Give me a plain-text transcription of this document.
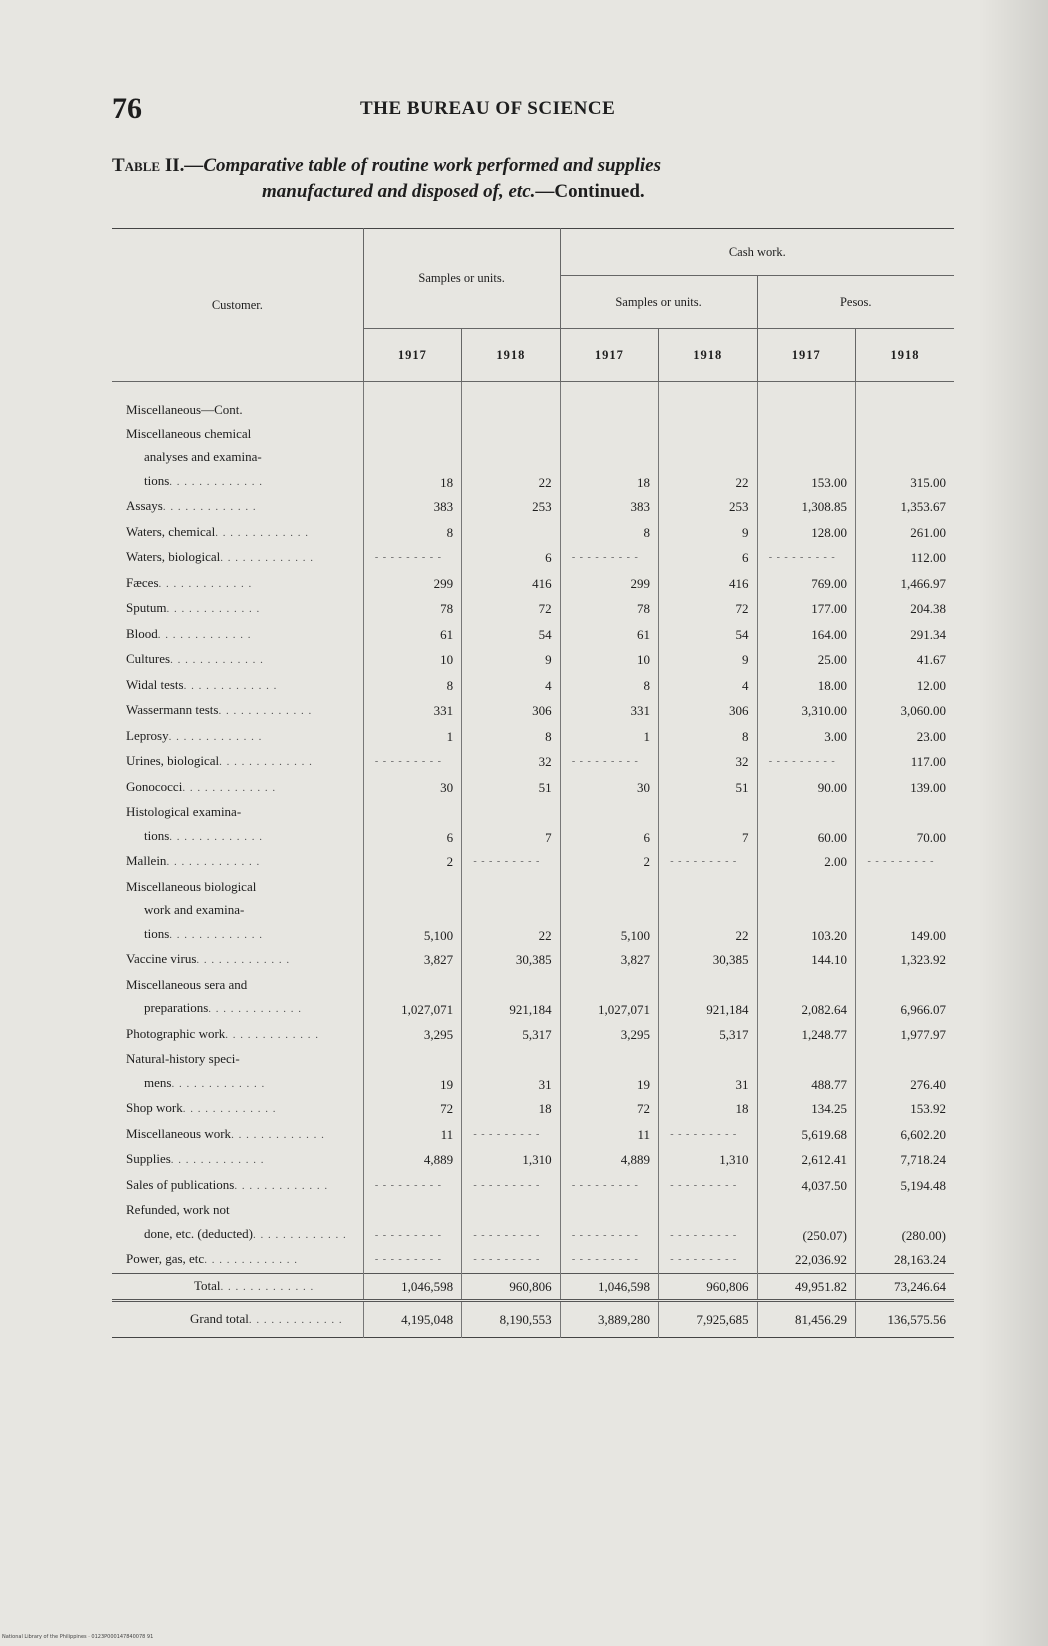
76	THE BUREAU OF SCIENCE
Table II.—Comparative table of routine work performed and supplies
manufactured and disposed of, etc.—Continued.
Customer.	Samples or units.		Cash work.			
			Samples or units.		Pesos.	
	1917	1918	1917	1918	1917	1918

Miscellaneous—Cont.						

Miscellaneous chemical
analyses and examina-
tions. . . . . . . . . . . . .	18	22	18	22	153.00	315.00

Assays. . . . . . . . . . . . .	383	253	383	253	1,308.85	1,353.67

Waters, chemical. . . . . . . . . . . . .	8		8	9	128.00	261.00

Waters, biological. . . . . . . . . . . . .	- - - - - - - - -	6	- - - - - - - - -	6	- - - - - - - - -	112.00

Fæces. . . . . . . . . . . . .	299	416	299	416	769.00	1,466.97

Sputum. . . . . . . . . . . . .	78	72	78	72	177.00	204.38

Blood. . . . . . . . . . . . .	61	54	61	54	164.00	291.34

Cultures. . . . . . . . . . . . .	10	9	10	9	25.00	41.67

Widal tests. . . . . . . . . . . . .	8	4	8	4	18.00	12.00

Wassermann tests. . . . . . . . . . . . .	331	306	331	306	3,310.00	3,060.00

Leprosy. . . . . . . . . . . . .	1	8	1	8	3.00	23.00

Urines, biological. . . . . . . . . . . . .	- - - - - - - - -	32	- - - - - - - - -	32	- - - - - - - - -	117.00

Gonococci. . . . . . . . . . . . .	30	51	30	51	90.00	139.00

Histological examina-
tions. . . . . . . . . . . . .	6	7	6	7	60.00	70.00

Mallein. . . . . . . . . . . . .	2	- - - - - - - - -	2	- - - - - - - - -	2.00	- - - - - - - - -

Miscellaneous biological
work and examina-
tions. . . . . . . . . . . . .	5,100	22	5,100	22	103.20	149.00

Vaccine virus. . . . . . . . . . . . .	3,827	30,385	3,827	30,385	144.10	1,323.92

Miscellaneous sera and
preparations. . . . . . . . . . . . .	1,027,071	921,184	1,027,071	921,184	2,082.64	6,966.07

Photographic work. . . . . . . . . . . . .	3,295	5,317	3,295	5,317	1,248.77	1,977.97

Natural-history speci-
mens. . . . . . . . . . . . .	19	31	19	31	488.77	276.40

Shop work. . . . . . . . . . . . .	72	18	72	18	134.25	153.92

Miscellaneous work. . . . . . . . . . . . .	11	- - - - - - - - -	11	- - - - - - - - -	5,619.68	6,602.20

Supplies. . . . . . . . . . . . .	4,889	1,310	4,889	1,310	2,612.41	7,718.24

Sales of publications. . . . . . . . . . . . .	- - - - - - - - -	- - - - - - - - -	- - - - - - - - -	- - - - - - - - -	4,037.50	5,194.48

Refunded, work not
done, etc. (deducted). . . . . . . . . . . . .	- - - - - - - - -	- - - - - - - - -	- - - - - - - - -	- - - - - - - - -	(250.07)	(280.00)

Power, gas, etc. . . . . . . . . . . . .	- - - - - - - - -	- - - - - - - - -	- - - - - - - - -	- - - - - - - - -	22,036.92	28,163.24
Total. . . . . . . . . . . . .	1,046,598	960,806	1,046,598	960,806	49,951.82	73,246.64
Grand total. . . . . . . . . . . . .	4,195,048	8,190,553	3,889,280	7,925,685	81,456.29	136,575.56
National Library of the Philippines · 0123P000147840078 91
